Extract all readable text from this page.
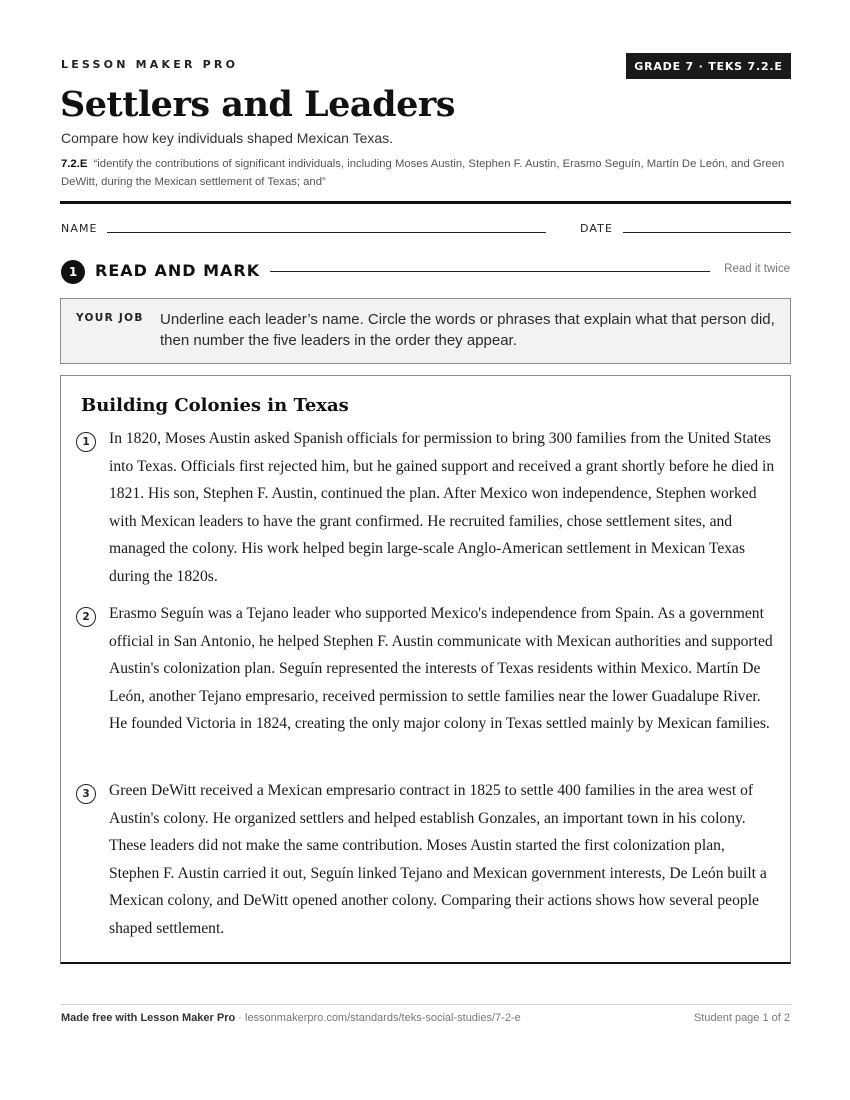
LESSON MAKER PRO	GRADE 7 · TEKS 7.2.E
Settlers and Leaders
Compare how key individuals shaped Mexican Texas.
7.2.E “identify the contributions of significant individuals, including Moses Austin, Stephen F. Austin, Erasmo Seguín, Martín De León, and Green DeWitt, during the Mexican settlement of Texas; and”
NAME	DATE
1	READ AND MARK	Read it twice
YOUR JOB Underline each leader’s name. Circle the words or phrases that explain what that person did, then number the five leaders in the order they appear.
Building Colonies in Texas
1	In 1820, Moses Austin asked Spanish officials for permission to bring 300 families from the United States into Texas. Officials first rejected him, but he gained support and received a grant shortly before he died in 1821. His son, Stephen F. Austin, continued the plan. After Mexico won independence, Stephen worked with Mexican leaders to have the grant confirmed. He recruited families, chose settlement sites, and managed the colony. His work helped begin large-scale Anglo-American settlement in Mexican Texas during the 1820s.
2	Erasmo Seguín was a Tejano leader who supported Mexico's independence from Spain. As a government official in San Antonio, he helped Stephen F. Austin communicate with Mexican authorities and supported Austin's colonization plan. Seguín represented the interests of Texas residents within Mexico. Martín De León, another Tejano empresario, received permission to settle families near the lower Guadalupe River. He founded Victoria in 1824, creating the only major colony in Texas settled mainly by Mexican families.
3	Green DeWitt received a Mexican empresario contract in 1825 to settle 400 families in the area west of Austin's colony. He organized settlers and helped establish Gonzales, an important town in his colony. These leaders did not make the same contribution. Moses Austin started the first colonization plan, Stephen F. Austin carried it out, Seguín linked Tejano and Mexican government interests, De León built a Mexican colony, and DeWitt opened another colony. Comparing their actions shows how several people shaped settlement.
Made free with Lesson Maker Pro · lessonmakerpro.com/standards/teks-social-studies/7-2-e	Student page 1 of 2
